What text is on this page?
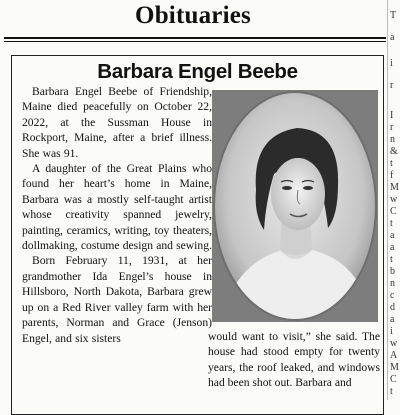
Obituaries
Barbara Engel Beebe

Barbara Engel Beebe of Friendship, Maine died peacefully on October 22, 2022, at the Sussman House in Rockport, Maine, after a brief illness. She was 91.

A daughter of the Great Plains who found her heart’s home in Maine, Barbara was a mostly self-taught artist whose creativity spanned jewelry, painting, ceramics, writing, toy theaters, dollmaking, costume design and sewing.

Born February 11, 1931, at her grandmother Ida Engel’s house in Hillsboro, North Dakota, Barbara grew up on a Red River valley farm with her parents, Norman and Grace (Jenson) Engel, and six sisters	would want to visit,” she said. The house had stood empty for twenty years, the roof leaked, and windows had been shot out. Barbara and

T
a
i
r
I
r
n
&
t
f
M
w
C
t
a
a
t
b
n
c
d
a
i
w
A
M
C
t
